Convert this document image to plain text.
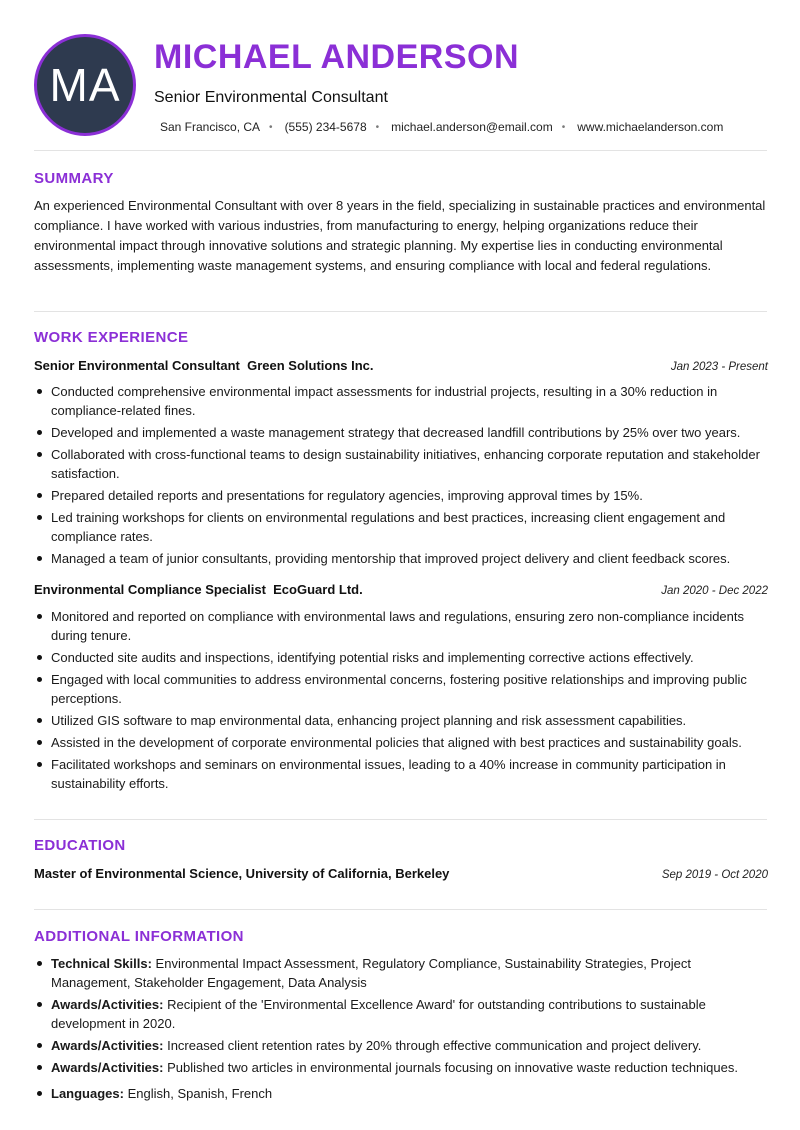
MA
MICHAEL ANDERSON
Senior Environmental Consultant
San Francisco, CA • (555) 234-5678 • michael.anderson@email.com • www.michaelanderson.com
SUMMARY

An experienced Environmental Consultant with over 8 years in the field, specializing in sustainable practices and environmental compliance. I have worked with various industries, from manufacturing to energy, helping organizations reduce their environmental impact through innovative solutions and strategic planning. My expertise lies in conducting environmental assessments, implementing waste management systems, and ensuring compliance with local and federal regulations.

WORK EXPERIENCE
Senior Environmental Consultant Green Solutions Inc.	Jan 2023 - Present
Conducted comprehensive environmental impact assessments for industrial projects, resulting in a 30% reduction in compliance-related fines.
Developed and implemented a waste management strategy that decreased landfill contributions by 25% over two years.
Collaborated with cross-functional teams to design sustainability initiatives, enhancing corporate reputation and stakeholder satisfaction.
Prepared detailed reports and presentations for regulatory agencies, improving approval times by 15%.
Led training workshops for clients on environmental regulations and best practices, increasing client engagement and compliance rates.
Managed a team of junior consultants, providing mentorship that improved project delivery and client feedback scores.
Environmental Compliance Specialist EcoGuard Ltd.	Jan 2020 - Dec 2022
Monitored and reported on compliance with environmental laws and regulations, ensuring zero non-compliance incidents during tenure.
Conducted site audits and inspections, identifying potential risks and implementing corrective actions effectively.
Engaged with local communities to address environmental concerns, fostering positive relationships and improving public perceptions.
Utilized GIS software to map environmental data, enhancing project planning and risk assessment capabilities.
Assisted in the development of corporate environmental policies that aligned with best practices and sustainability goals.
Facilitated workshops and seminars on environmental issues, leading to a 40% increase in community participation in sustainability efforts.
EDUCATION
Master of Environmental Science, University of California, Berkeley	Sep 2019 - Oct 2020
ADDITIONAL INFORMATION
Technical Skills: Environmental Impact Assessment, Regulatory Compliance, Sustainability Strategies, Project Management, Stakeholder Engagement, Data Analysis
Awards/Activities: Recipient of the 'Environmental Excellence Award' for outstanding contributions to sustainable development in 2020.
Awards/Activities: Increased client retention rates by 20% through effective communication and project delivery.
Awards/Activities: Published two articles in environmental journals focusing on innovative waste reduction techniques.
Languages: English, Spanish, French
